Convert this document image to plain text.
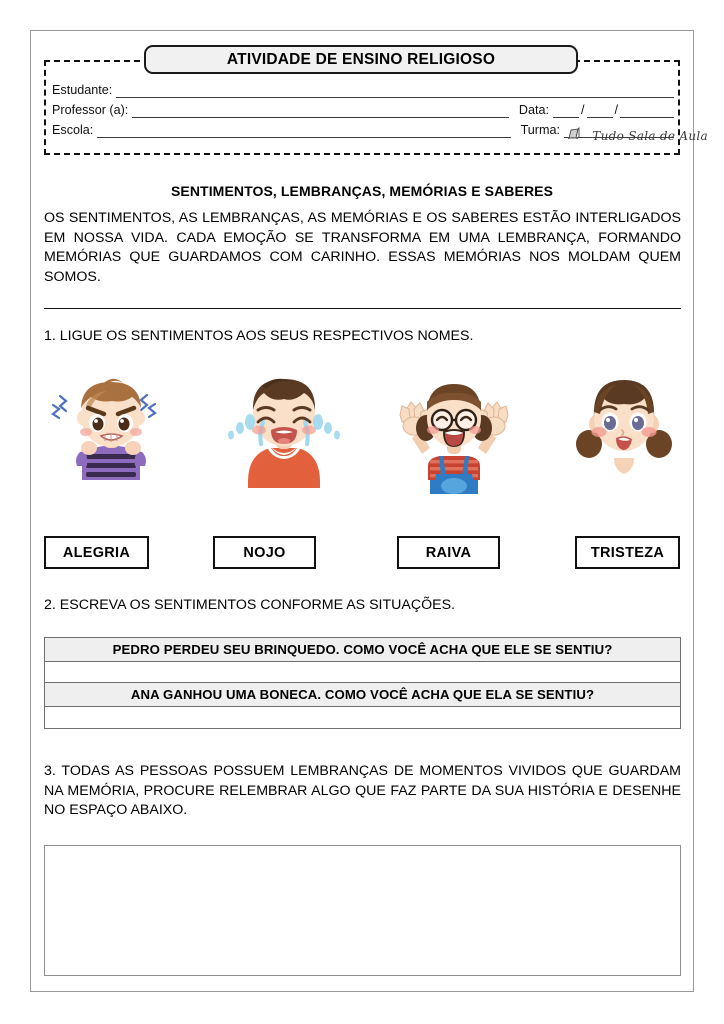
ATIVIDADE DE ENSINO RELIGIOSO
Estudante:
Professor (a):	Data:	/ /
Escola:	Turma:	Tudo Sala de Aula
SENTIMENTOS, LEMBRANÇAS, MEMÓRIAS E SABERES
OS SENTIMENTOS, AS LEMBRANÇAS, AS MEMÓRIAS E OS SABERES ESTÃO INTERLIGADOS EM NOSSA VIDA. CADA EMOÇÃO SE TRANSFORMA EM UMA LEMBRANÇA, FORMANDO MEMÓRIAS QUE GUARDAMOS COM CARINHO. ESSAS MEMÓRIAS NOS MOLDAM QUEM SOMOS.
1. LIGUE OS SENTIMENTOS AOS SEUS RESPECTIVOS NOMES.
ALEGRIA	NOJO	RAIVA	TRISTEZA
2. ESCREVA OS SENTIMENTOS CONFORME AS SITUAÇÕES.
PEDRO PERDEU SEU BRINQUEDO. COMO VOCÊ ACHA QUE ELE SE SENTIU?
ANA GANHOU UMA BONECA. COMO VOCÊ ACHA QUE ELA SE SENTIU?
3. TODAS AS PESSOAS POSSUEM LEMBRANÇAS DE MOMENTOS VIVIDOS QUE GUARDAM NA MEMÓRIA, PROCURE RELEMBRAR ALGO QUE FAZ PARTE DA SUA HISTÓRIA E DESENHE NO ESPAÇO ABAIXO.
